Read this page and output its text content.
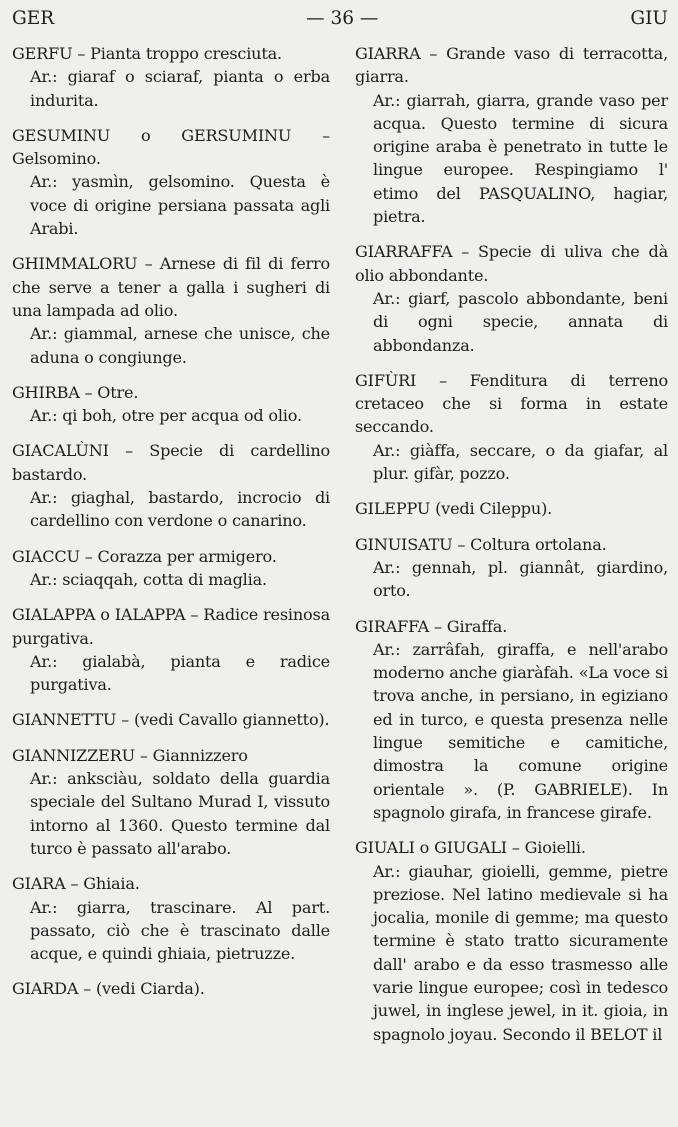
GER	— 36 —	GIU

GERFU – Pianta troppo cresciuta.

Ar.: giaraf o sciaraf, pianta o erba indurita.

GESUMINU o GERSUMINU – Gelsomino.

Ar.: yasmìn, gelsomino. Questa è voce di origine persiana passata agli Arabi.

GHIMMALORU – Arnese di fil di ferro che serve a tener a galla i sugheri di una lampada ad olio.

Ar.: giammal, arnese che unisce, che aduna o congiunge.

GHIRBA – Otre.

Ar.: qi boh, otre per acqua od olio.

GIACALÙNI – Specie di cardellino bastardo.

Ar.: giaghal, bastardo, incrocio di cardellino con verdone o canarino.

GIACCU – Corazza per armigero.

Ar.: sciaqqah, cotta di maglia.

GIALAPPA o IALAPPA – Radice resinosa purgativa.

Ar.: gialabà, pianta e radice purgativa.

GIANNETTU – (vedi Cavallo giannetto).

GIANNIZZERU – Giannizzero

Ar.: anksciàu, soldato della guardia speciale del Sultano Murad I, vissuto intorno al 1360. Questo termine dal turco è passato all'arabo.

GIARA – Ghiaia.

Ar.: giarra, trascinare. Al part. passato, ciò che è trascinato dalle acque, e quindi ghiaia, pietruzze.

GIARDA – (vedi Ciarda).

GIARRA – Grande vaso di terracotta, giarra.

Ar.: giarrah, giarra, grande vaso per acqua. Questo termine di sicura origine araba è penetrato in tutte le lingue europee. Respingiamo l' etimo del PASQUALINO, hagiar, pietra.

GIARRAFFA – Specie di uliva che dà olio abbondante.

Ar.: giarf, pascolo abbondante, beni di ogni specie, annata di abbondanza.

GIFÙRI – Fenditura di terreno cretaceo che si forma in estate seccando.

Ar.: giàffa, seccare, o da giafar, al plur. gifàr, pozzo.

GILEPPU (vedi Cileppu).

GINUISATU – Coltura ortolana.

Ar.: gennah, pl. giannât, giardino, orto.

GIRAFFA – Giraffa.

Ar.: zarrâfah, giraffa, e nell'arabo moderno anche giaràfah. «La voce si trova anche, in persiano, in egiziano ed in turco, e questa presenza nelle lingue semitiche e camitiche, dimostra la comune origine orientale ». (P. GABRIELE). In spagnolo girafa, in francese girafe.

GIUALI o GIUGALI – Gioielli.

Ar.: giauhar, gioielli, gemme, pietre preziose. Nel latino medievale si ha jocalia, monile di gemme; ma questo termine è stato tratto sicuramente dall' arabo e da esso trasmesso alle varie lingue europee; così in tedesco juwel, in inglese jewel, in it. gioia, in spagnolo joyau. Secondo il BELOT il
